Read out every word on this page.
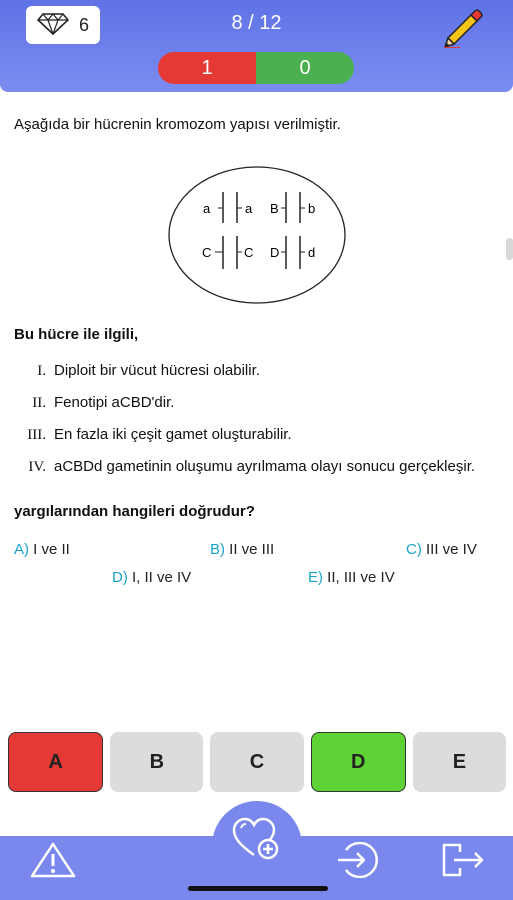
6	8 / 12
1	0
Aşağıda bir hücrenin kromozom yapısı verilmiştir.
a	a B b
C	C D d
Bu hücre ile ilgili,
I. Diploit bir vücut hücresi olabilir.
II. Fenotipi aCBD'dir.
III. En fazla iki çeşit gamet oluşturabilir.
IV. aCBDd gametinin oluşumu ayrılmama olayı sonucu gerçekleşir.
yargılarından hangileri doğrudur?
A) I ve II	B) II ve III	C) III ve IV
D) I, II ve IV	E) II, III ve IV
A	B	C	D	E
